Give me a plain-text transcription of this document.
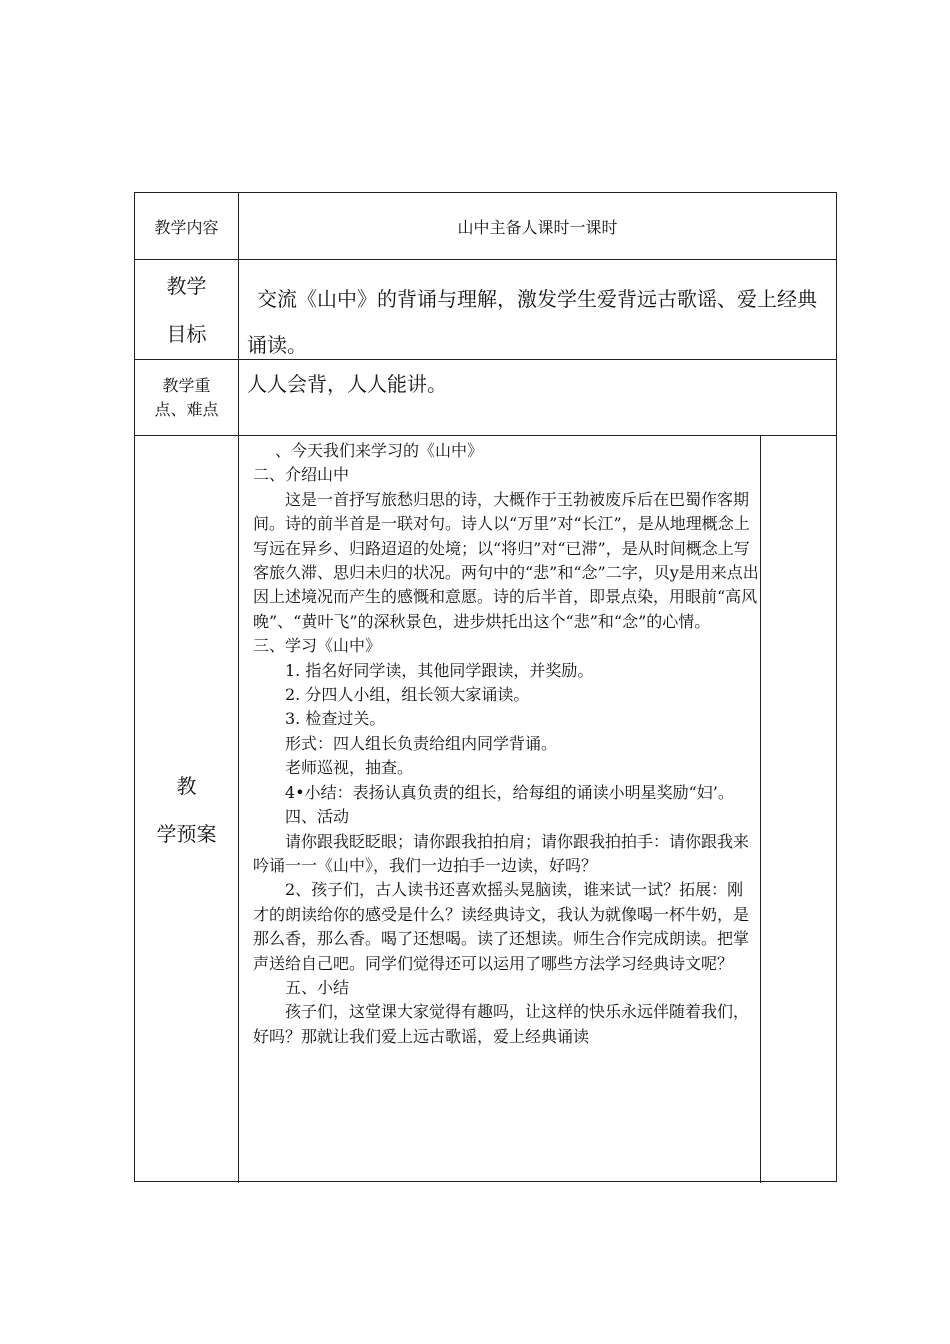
教学内容	山中主备人课时一课时
教学
目标
交流《山中》的背诵与理解，激发学生爱背远古歌谣、爱上经典诵读。
教学重
点、难点
人人会背，人人能讲。
教
学预案

、今天我们来学习的《山中》

二、介绍山中

这是一首抒写旅愁归思的诗，大概作于王勃被废斥后在巴蜀作客期间。诗的前半首是一联对句。诗人以“万里”对“长江”，是从地理概念上写远在异乡、归路迢迢的处境；以“将归”对“已滞”，是从时间概念上写客旅久滞、思归未归的状况。两句中的“悲”和“念”二字，贝y是用来点出因上述境况而产生的感慨和意愿。诗的后半首，即景点染，用眼前“高风晚”、“黄叶飞”的深秋景色，进步烘托出这个“悲”和“念”的心情。

三、学习《山中》

1. 指名好同学读，其他同学跟读，并奖励。

2. 分四人小组，组长领大家诵读。

3. 检查过关。

形式：四人组长负责给组内同学背诵。

老师巡视，抽查。

4•小结：表扬认真负责的组长，给每组的诵读小明星奖励“妇’。

四、活动

请你跟我眨眨眼；请你跟我拍拍肩；请你跟我拍拍手：请你跟我来吟诵一一《山中》，我们一边拍手一边读，好吗？

2、孩子们，古人读书还喜欢摇头晃脑读，谁来试一试？拓展：刚才的朗读给你的感受是什么？读经典诗文，我认为就像喝一杯牛奶，是那么香，那么香。喝了还想喝。读了还想读。师生合作完成朗读。把掌声送给自己吧。同学们觉得还可以运用了哪些方法学习经典诗文呢？

五、小结

孩子们，这堂课大家觉得有趣吗，让这样的快乐永远伴随着我们，好吗？那就让我们爱上远古歌谣，爱上经典诵读
